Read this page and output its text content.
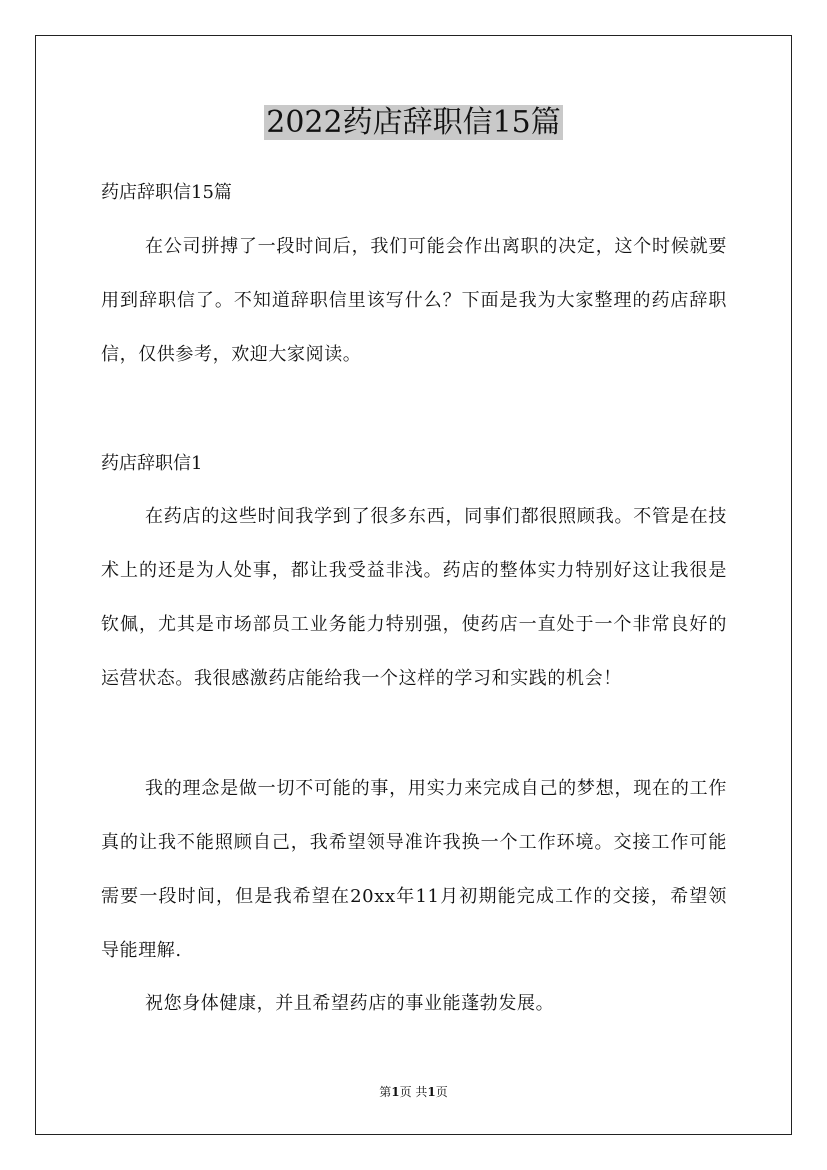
2022药店辞职信15篇

药店辞职信15篇

在公司拼搏了一段时间后，我们可能会作出离职的决定，这个时候就要用到辞职信了。不知道辞职信里该写什么？下面是我为大家整理的药店辞职信，仅供参考，欢迎大家阅读。

药店辞职信1

在药店的这些时间我学到了很多东西，同事们都很照顾我。不管是在技术上的还是为人处事，都让我受益非浅。药店的整体实力特别好这让我很是钦佩，尤其是市场部员工业务能力特别强，使药店一直处于一个非常良好的运营状态。我很感激药店能给我一个这样的学习和实践的机会！

我的理念是做一切不可能的事，用实力来完成自己的梦想，现在的工作真的让我不能照顾自己，我希望领导准许我换一个工作环境。交接工作可能需要一段时间，但是我希望在20xx年11月初期能完成工作的交接，希望领导能理解.

祝您身体健康，并且希望药店的事业能蓬勃发展。

第1页 共1页
